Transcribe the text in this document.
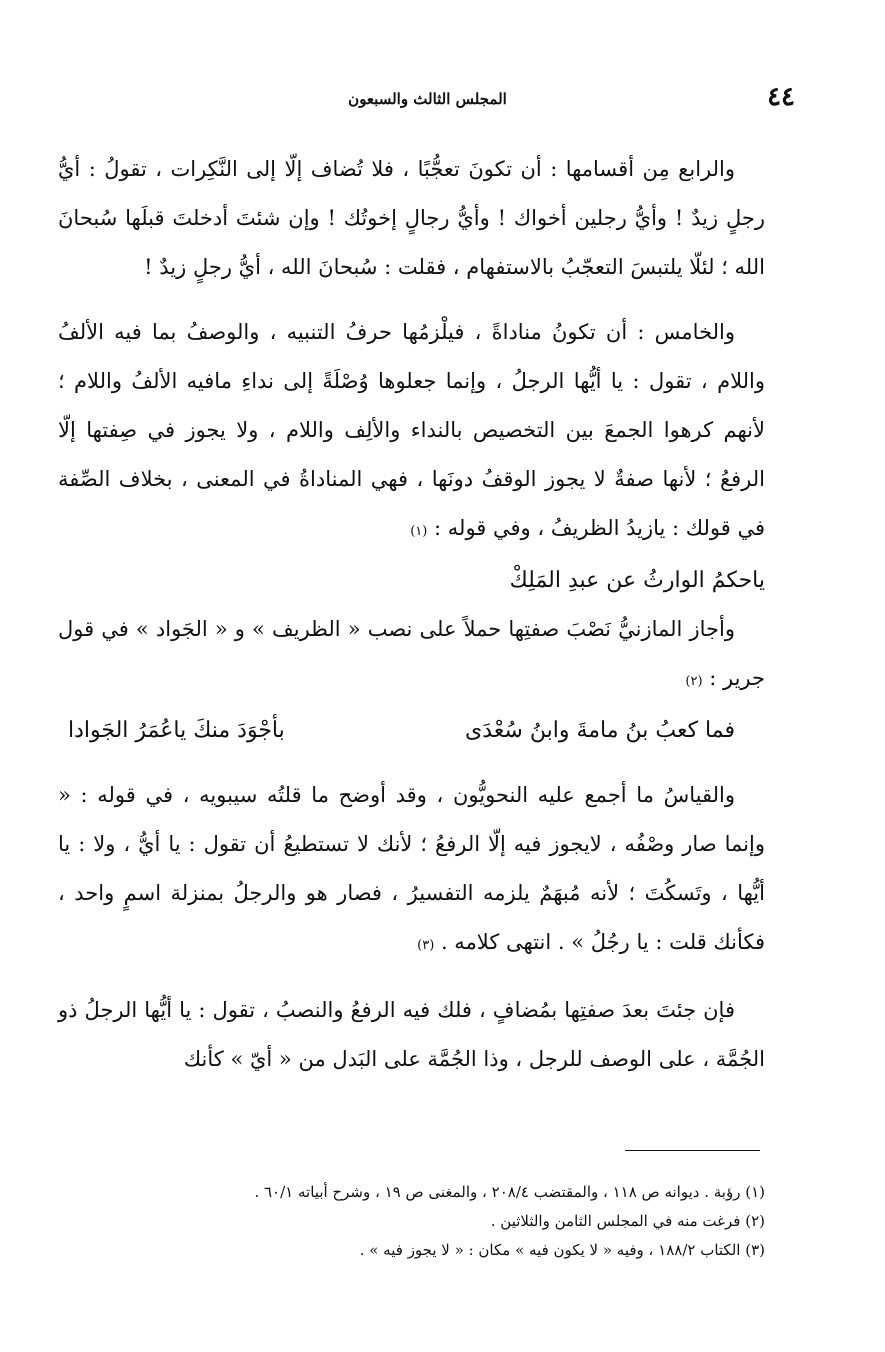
٤٤
المجلس الثالث والسبعون

والرابع مِن أقسامها : أن تكونَ تعجُّبًا ، فلا تُضاف إلّا إلى النَّكِرات ، تقولُ : أيُّ رجلٍ زيدٌ ! وأيُّ رجلين أخواك ! وأيُّ رجالٍ إخوتُك ! وإن شئتَ أدخلتَ قبلَها سُبحانَ الله ؛ لئلّا يلتبسَ التعجّبُ بالاستفهام ، فقلت : سُبحانَ الله ، أيُّ رجلٍ زيدٌ !

والخامس : أن تكونُ مناداةً ، فيلْزمُها حرفُ التنبيه ، والوصفُ بما فيه الألفُ واللام ، تقول : يا أيُّها الرجلُ ، وإنما جعلوها وُصْلَةً إلى نداءِ مافيه الألفُ واللام ؛ لأنهم كرهوا الجمعَ بين التخصيص بالنداء والألِف واللام ، ولا يجوز في صِفتها إلّا الرفعُ ؛ لأنها صفةٌ لا يجوز الوقفُ دونَها ، فهي المناداةُ في المعنى ، بخلاف الصِّفة في قولك : يازيدُ الظريفُ ، وفي قوله : (١)

ياحكمُ الوارثُ عن عبدِ المَلِكْ

وأجاز المازنيُّ نَصْبَ صفتِها حملاً على نصب « الظريف » و « الجَواد » في قول جرير : (٢)

فما كعبُ بنُ مامةَ وابنُ سُعْدَى
بأجْوَدَ منكَ ياعُمَرُ الجَوادا

والقياسُ ما أجمع عليه النحويُّون ، وقد أوضح ما قلتُه سيبويه ، في قوله : « وإنما صار وصْفُه ، لايجوز فيه إلّا الرفعُ ؛ لأنك لا تستطيعُ أن تقول : يا أيُّ ، ولا : يا أيُّها ، وتَسكُتَ ؛ لأنه مُبهَمٌ يلزمه التفسيرُ ، فصار هو والرجلُ بمنزلة اسمٍ واحد ، فكأنك قلت : يا رجُلُ » . انتهى كلامه . (٣)

فإن جئتَ بعدَ صفتِها بمُضافٍ ، فلك فيه الرفعُ والنصبُ ، تقول : يا أيُّها الرجلُ ذو الجُمَّة ، على الوصف للرجل ، وذا الجُمَّة على البَدل من « أيّ » كأنك

(١) رؤبة . ديوانه ص ١١٨ ، والمقتضب ٢٠٨/٤ ، والمغنى ص ١٩ ، وشرح أبياته ٦٠/١ .

(٢) فرغت منه في المجلس الثامن والثلاثين .

(٣) الكتاب ١٨٨/٢ ، وفيه « لا يكون فيه » مكان : « لا يجوز فيه » .
